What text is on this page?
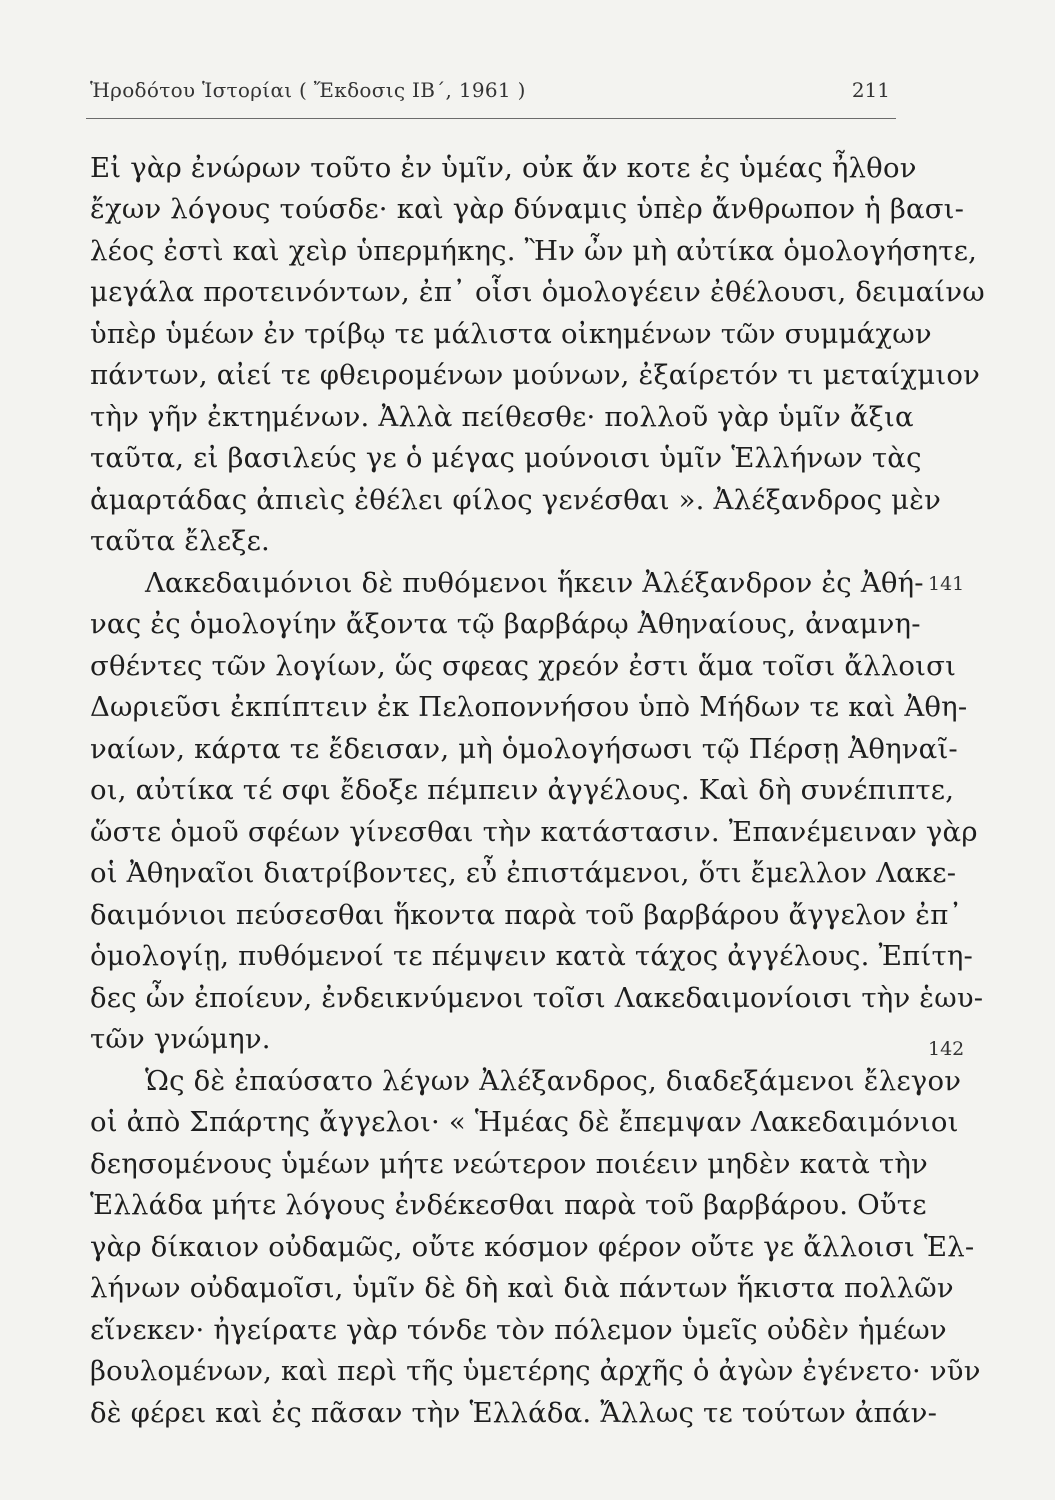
Ἡροδότου Ἱστορίαι ( Ἔκδοσις ΙΒ΄, 1961 )	211
Εἰ γὰρ ἐνώρων τοῦτο ἐν ὑμῖν, οὐκ ἄν κοτε ἐς ὑμέας ἦλθον
ἔχων λόγους τούσδε· καὶ γὰρ δύναμις ὑπὲρ ἄνθρωπον ἡ βασι-
λέος ἐστὶ καὶ χεὶρ ὑπερμήκης. Ἢν ὦν μὴ αὐτίκα ὁμολογήσητε,
μεγάλα προτεινόντων, ἐπ᾽ οἷσι ὁμολογέειν ἐθέλουσι, δειμαίνω
ὑπὲρ ὑμέων ἐν τρίβῳ τε μάλιστα οἰκημένων τῶν συμμάχων
πάντων, αἰεί τε φθειρομένων μούνων, ἐξαίρετόν τι μεταίχμιον
τὴν γῆν ἐκτημένων. Ἀλλὰ πείθεσθε· πολλοῦ γὰρ ὑμῖν ἄξια
ταῦτα, εἰ βασιλεύς γε ὁ μέγας μούνοισι ὑμῖν Ἑλλήνων τὰς
ἁμαρτάδας ἀπιεὶς ἐθέλει φίλος γενέσθαι ». Ἀλέξανδρος μὲν
ταῦτα ἔλεξε.
Λακεδαιμόνιοι δὲ πυθόμενοι ἥκειν Ἀλέξανδρον ἐς Ἀθή- 141
νας ἐς ὁμολογίην ἄξοντα τῷ βαρβάρῳ Ἀθηναίους, ἀναμνη-
σθέντες τῶν λογίων, ὥς σφεας χρεόν ἐστι ἅμα τοῖσι ἄλλοισι
Δωριεῦσι ἐκπίπτειν ἐκ Πελοποννήσου ὑπὸ Μήδων τε καὶ Ἀθη-
ναίων, κάρτα τε ἔδεισαν, μὴ ὁμολογήσωσι τῷ Πέρσῃ Ἀθηναῖ-
οι, αὐτίκα τέ σφι ἔδοξε πέμπειν ἀγγέλους. Καὶ δὴ συνέπιπτε,
ὥστε ὁμοῦ σφέων γίνεσθαι τὴν κατάστασιν. Ἐπανέμειναν γὰρ
οἱ Ἀθηναῖοι διατρίβοντες, εὖ ἐπιστάμενοι, ὅτι ἔμελλον Λακε-
δαιμόνιοι πεύσεσθαι ἥκοντα παρὰ τοῦ βαρβάρου ἄγγελον ἐπ᾽
ὁμολογίῃ, πυθόμενοί τε πέμψειν κατὰ τάχος ἀγγέλους. Ἐπίτη-
δες ὦν ἐποίευν, ἐνδεικνύμενοι τοῖσι Λακεδαιμονίοισι τὴν ἑωυ-
τῶν γνώμην.
Ὡς δὲ ἐπαύσατο λέγων Ἀλέξανδρος, διαδεξάμενοι ἔλεγον
142
οἱ ἀπὸ Σπάρτης ἄγγελοι· « Ἡμέας δὲ ἔπεμψαν Λακεδαιμόνιοι
δεησομένους ὑμέων μήτε νεώτερον ποιέειν μηδὲν κατὰ τὴν
Ἑλλάδα μήτε λόγους ἐνδέκεσθαι παρὰ τοῦ βαρβάρου. Οὔτε
γὰρ δίκαιον οὐδαμῶς, οὔτε κόσμον φέρον οὔτε γε ἄλλοισι Ἑλ-
λήνων οὐδαμοῖσι, ὑμῖν δὲ δὴ καὶ διὰ πάντων ἥκιστα πολλῶν
εἵνεκεν· ἠγείρατε γὰρ τόνδε τὸν πόλεμον ὑμεῖς οὐδὲν ἡμέων
βουλομένων, καὶ περὶ τῆς ὑμετέρης ἀρχῆς ὁ ἀγὼν ἐγένετο· νῦν
δὲ φέρει καὶ ἐς πᾶσαν τὴν Ἑλλάδα. Ἄλλως τε τούτων ἀπάν-
